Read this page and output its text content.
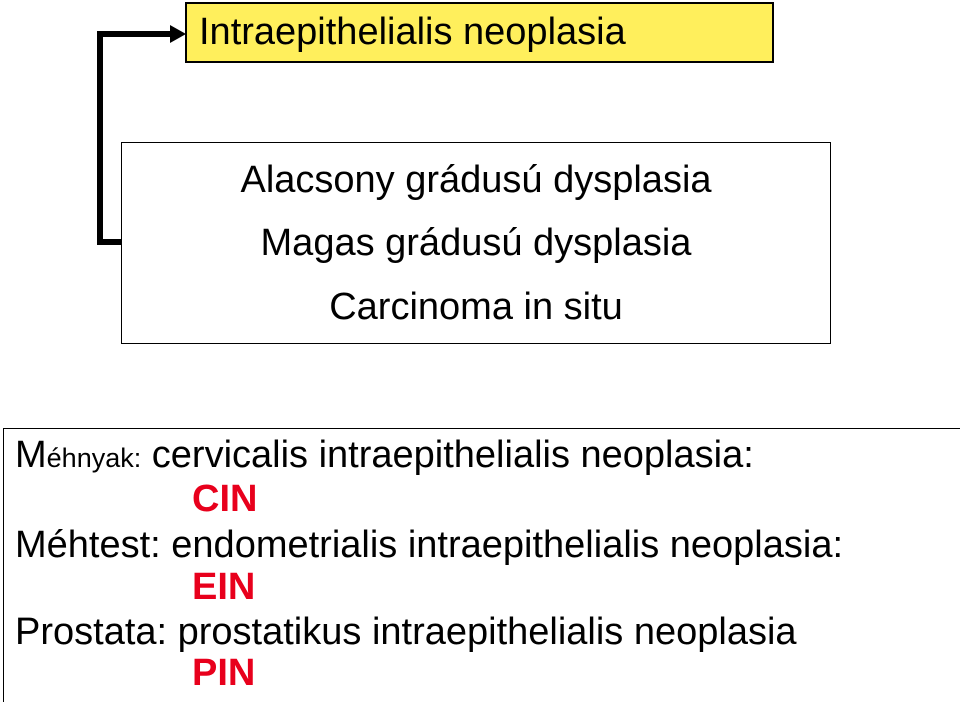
Intraepithelialis neoplasia
Alacsony grádusú dysplasia
Magas grádusú dysplasia
Carcinoma in situ
Méhnyak: cervicalis intraepithelialis neoplasia:
CIN
Méhtest: endometrialis intraepithelialis neoplasia:
EIN
Prostata: prostatikus intraepithelialis neoplasia
PIN
